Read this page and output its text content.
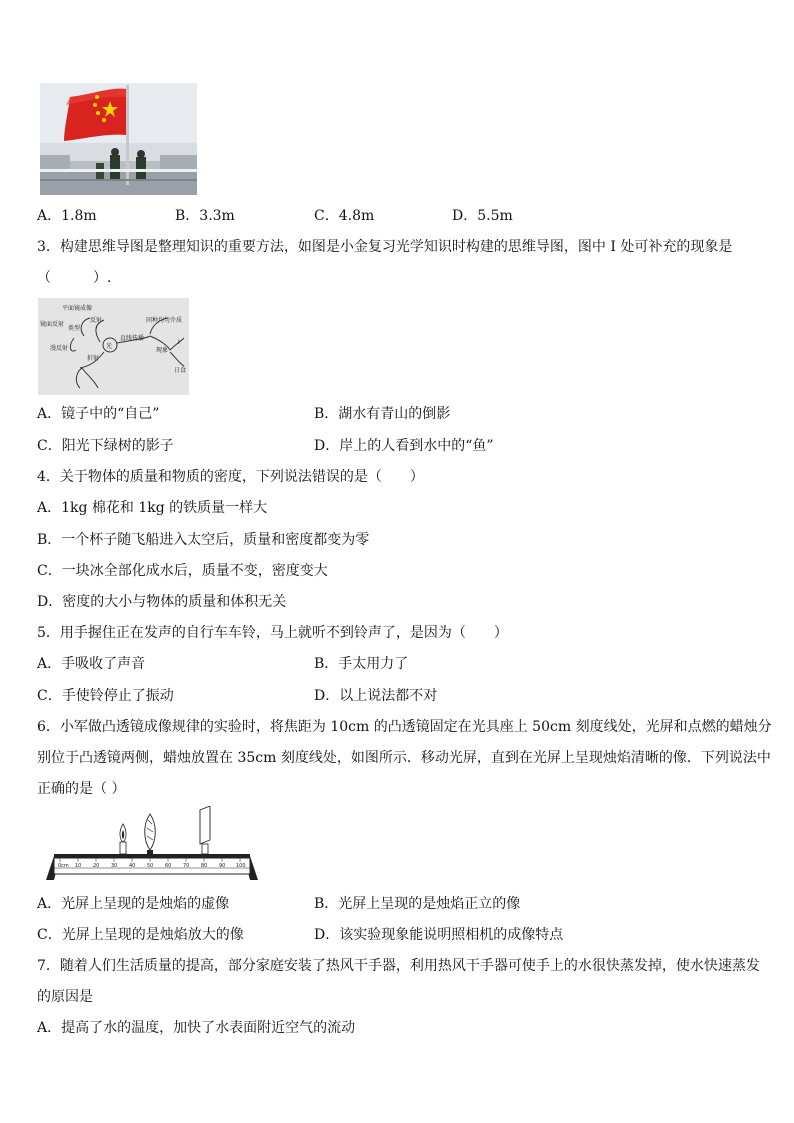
A．1.8m	B．3.3m	C．4.8m	D．5.5m
3．构建思维导图是整理知识的重要方法，如图是小金复习光学知识时构建的思维导图，图中 I 处可补充的现象是
（　　　）.
平面镜成像
镜面反射
类型
反射
漫反射
折射
光
同种均匀介质
直线传播
现象
I
日食
A．镜子中的“自己”	B．湖水有青山的倒影
C．阳光下绿树的影子	D．岸上的人看到水中的“鱼”
4．关于物体的质量和物质的密度，下列说法错误的是（　　）
A．1kg 棉花和 1kg 的铁质量一样大
B．一个杯子随飞船进入太空后，质量和密度都变为零
C．一块冰全部化成水后，质量不变，密度变大
D．密度的大小与物体的质量和体积无关
5．用手握住正在发声的自行车车铃，马上就听不到铃声了，是因为（　　）
A．手吸收了声音	B．手太用力了
C．手使铃停止了振动	D．以上说法都不对
6．小军做凸透镜成像规律的实验时，将焦距为 10cm 的凸透镜固定在光具座上 50cm 刻度线处，光屏和点燃的蜡烛分
别位于凸透镜两侧，蜡烛放置在 35cm 刻度线处，如图所示．移动光屏，直到在光屏上呈现烛焰清晰的像．下列说法中
正确的是（ ）
0cm 10 20 30 40 50 60 70 80 90 100
A．光屏上呈现的是烛焰的虚像	B．光屏上呈现的是烛焰正立的像
C．光屏上呈现的是烛焰放大的像	D．该实验现象能说明照相机的成像特点
7．随着人们生活质量的提高，部分家庭安装了热风干手器，利用热风干手器可使手上的水很快蒸发掉，使水快速蒸发
的原因是
A．提高了水的温度，加快了水表面附近空气的流动
